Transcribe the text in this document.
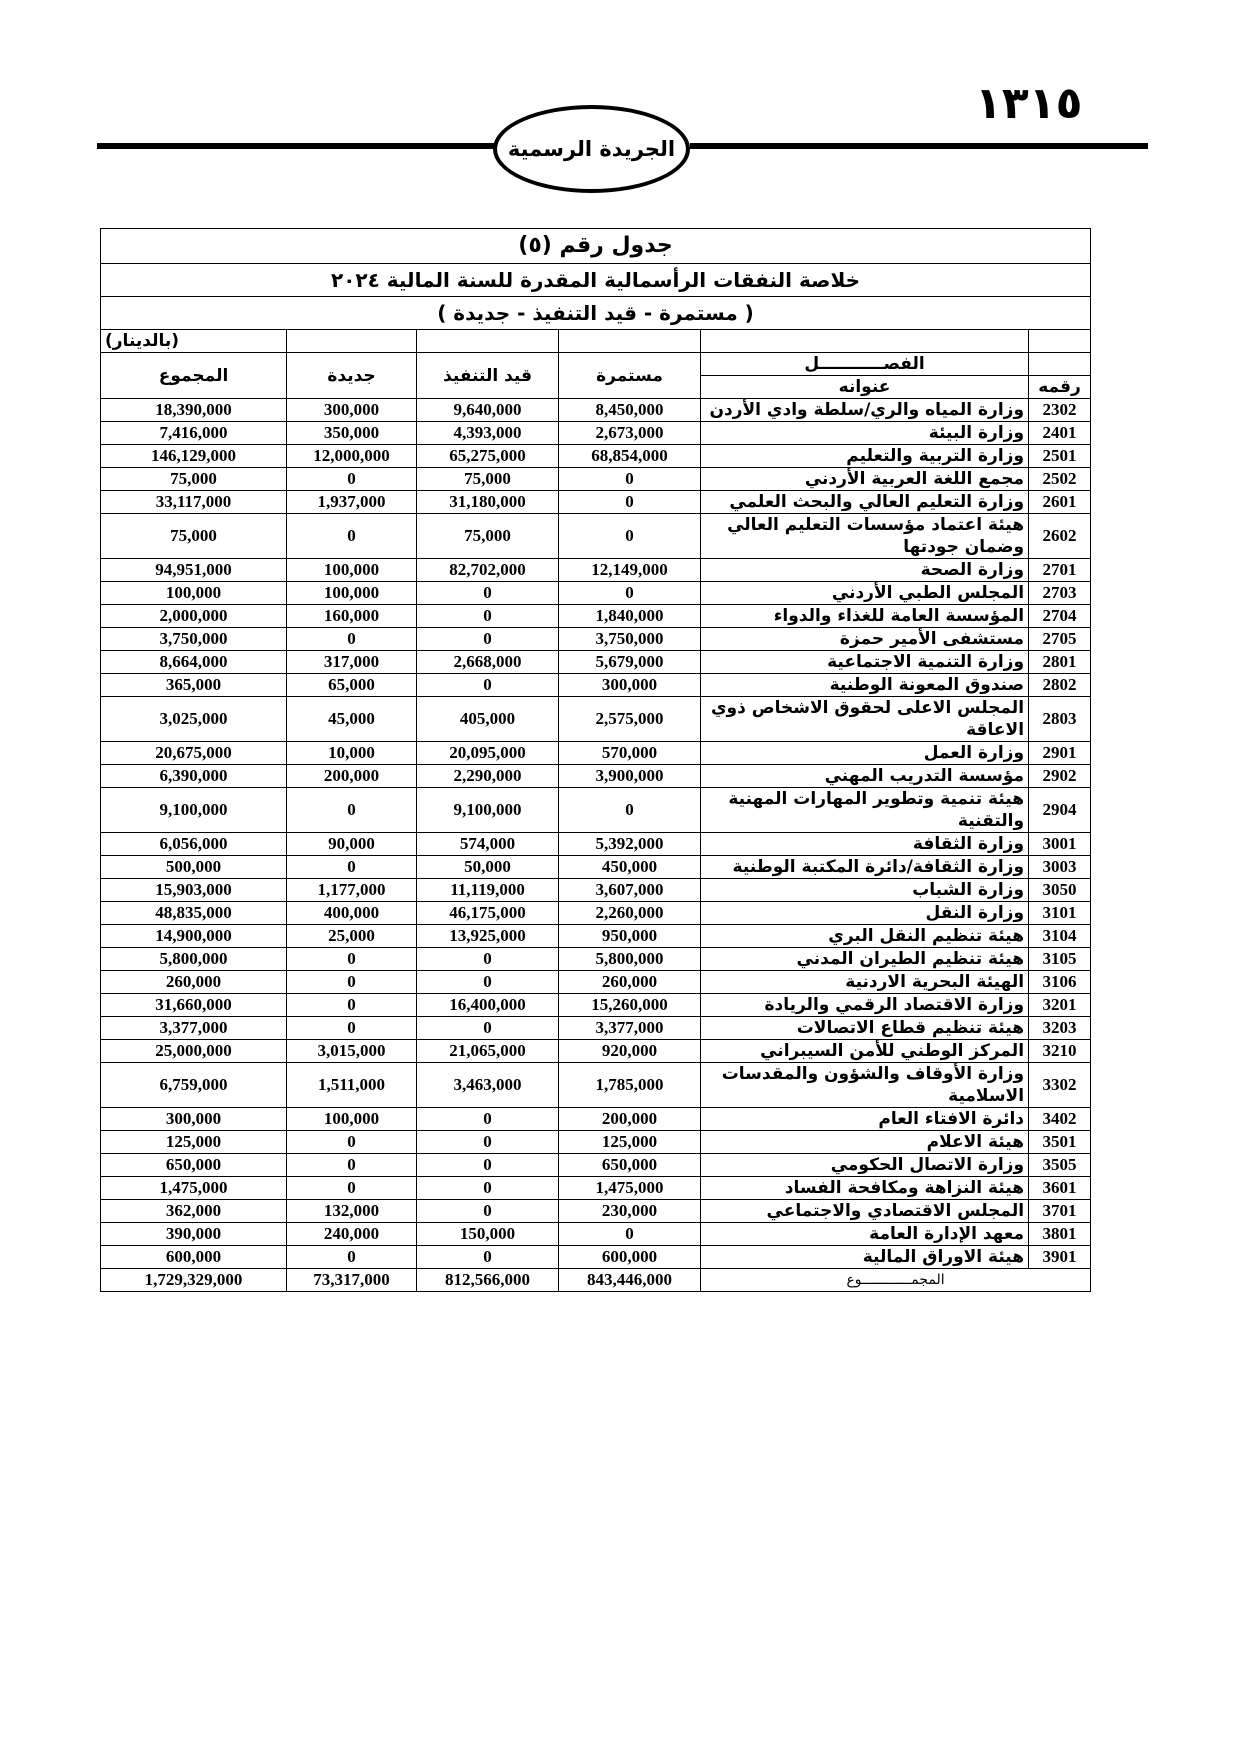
١٣١٥
الجريدة الرسمية
جدول رقم (٥)					
خلاصة النفقات الرأسمالية المقدرة للسنة المالية ٢٠٢٤					
( مستمرة - قيد التنفيذ - جديدة )					
					(بالدينار)
	الفصـــــــــــل	مستمرة	قيد التنفيذ	جديدة	المجموع
رقمه	عنوانه				
2302	وزارة المياه والري/سلطة وادي الأردن	8,450,000	9,640,000	300,000	18,390,000
2401	وزارة البيئة	2,673,000	4,393,000	350,000	7,416,000
2501	وزارة التربية والتعليم	68,854,000	65,275,000	12,000,000	146,129,000
2502	مجمع اللغة العربية الأردني	0	75,000	0	75,000
2601	وزارة التعليم العالي والبحث العلمي	0	31,180,000	1,937,000	33,117,000
2602	هيئة اعتماد مؤسسات التعليم العالي وضمان جودتها	0	75,000	0	75,000
2701	وزارة الصحة	12,149,000	82,702,000	100,000	94,951,000
2703	المجلس الطبي الأردني	0	0	100,000	100,000
2704	المؤسسة العامة للغذاء والدواء	1,840,000	0	160,000	2,000,000
2705	مستشفى الأمير حمزة	3,750,000	0	0	3,750,000
2801	وزارة التنمية الاجتماعية	5,679,000	2,668,000	317,000	8,664,000
2802	صندوق المعونة الوطنية	300,000	0	65,000	365,000
2803	المجلس الاعلى لحقوق الاشخاص ذوي الاعاقة	2,575,000	405,000	45,000	3,025,000
2901	وزارة العمل	570,000	20,095,000	10,000	20,675,000
2902	مؤسسة التدريب المهني	3,900,000	2,290,000	200,000	6,390,000
2904	هيئة تنمية وتطوير المهارات المهنية والتقنية	0	9,100,000	0	9,100,000
3001	وزارة الثقافة	5,392,000	574,000	90,000	6,056,000
3003	وزارة الثقافة/دائرة المكتبة الوطنية	450,000	50,000	0	500,000
3050	وزارة الشباب	3,607,000	11,119,000	1,177,000	15,903,000
3101	وزارة النقل	2,260,000	46,175,000	400,000	48,835,000
3104	هيئة تنظيم النقل البري	950,000	13,925,000	25,000	14,900,000
3105	هيئة تنظيم الطيران المدني	5,800,000	0	0	5,800,000
3106	الهيئة البحرية الاردنية	260,000	0	0	260,000
3201	وزارة الاقتصاد الرقمي والريادة	15,260,000	16,400,000	0	31,660,000
3203	هيئة تنظيم قطاع الاتصالات	3,377,000	0	0	3,377,000
3210	المركز الوطني للأمن السيبراني	920,000	21,065,000	3,015,000	25,000,000
3302	وزارة الأوقاف والشؤون والمقدسات الاسلامية	1,785,000	3,463,000	1,511,000	6,759,000
3402	دائرة الافتاء العام	200,000	0	100,000	300,000
3501	هيئة الاعلام	125,000	0	0	125,000
3505	وزارة الاتصال الحكومي	650,000	0	0	650,000
3601	هيئة النزاهة ومكافحة الفساد	1,475,000	0	0	1,475,000
3701	المجلس الاقتصادي والاجتماعي	230,000	0	132,000	362,000
3801	معهد الإدارة العامة	0	150,000	240,000	390,000
3901	هيئة الاوراق المالية	600,000	0	0	600,000
المجمــــــــــــوع		843,446,000	812,566,000	73,317,000	1,729,329,000
